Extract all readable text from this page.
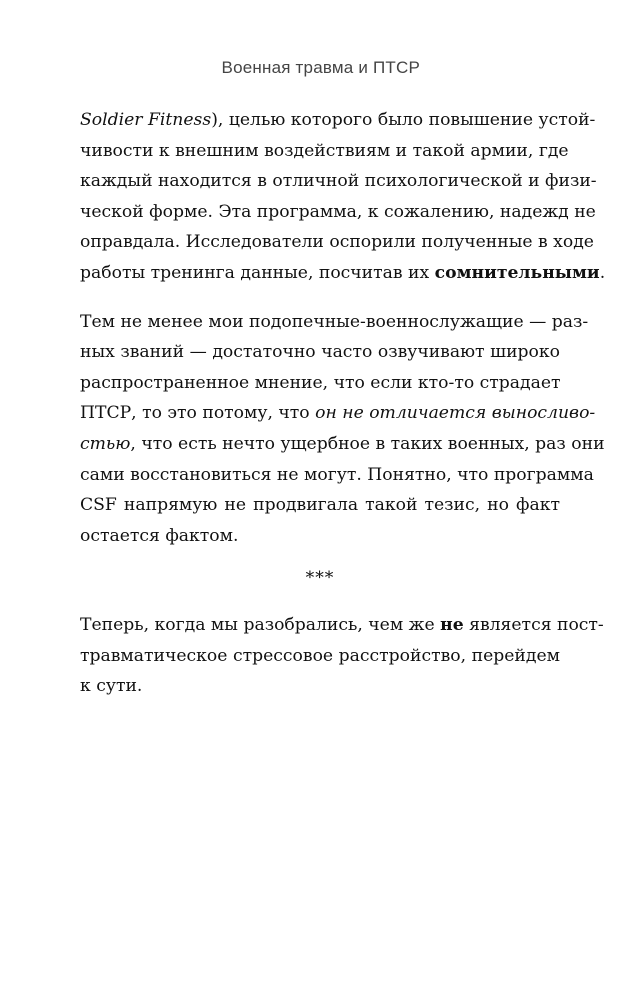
Военная травма и ПТСР
Soldier Fitness), целью которого было повышение устой-
чивости к внешним воздействиям и такой армии, где
каждый находится в отличной психологической и физи-
ческой форме. Эта программа, к сожалению, надежд не
оправдала. Исследователи оспорили полученные в ходе
работы тренинга данные, посчитав их сомнительными.
Тем не менее мои подопечные-военнослужащие — раз-
ных званий — достаточно часто озвучивают широко
распространенное мнение, что если кто-то страдает
ПТСР, то это потому, что он не отличается выносливо-
стью, что есть нечто ущербное в таких военных, раз они
сами восстановиться не могут. Понятно, что программа
CSF напрямую не продвигала такой тезис, но факт
остается фактом.
***
Теперь, когда мы разобрались, чем же не является пост-
травматическое стрессовое расстройство, перейдем
к сути.
